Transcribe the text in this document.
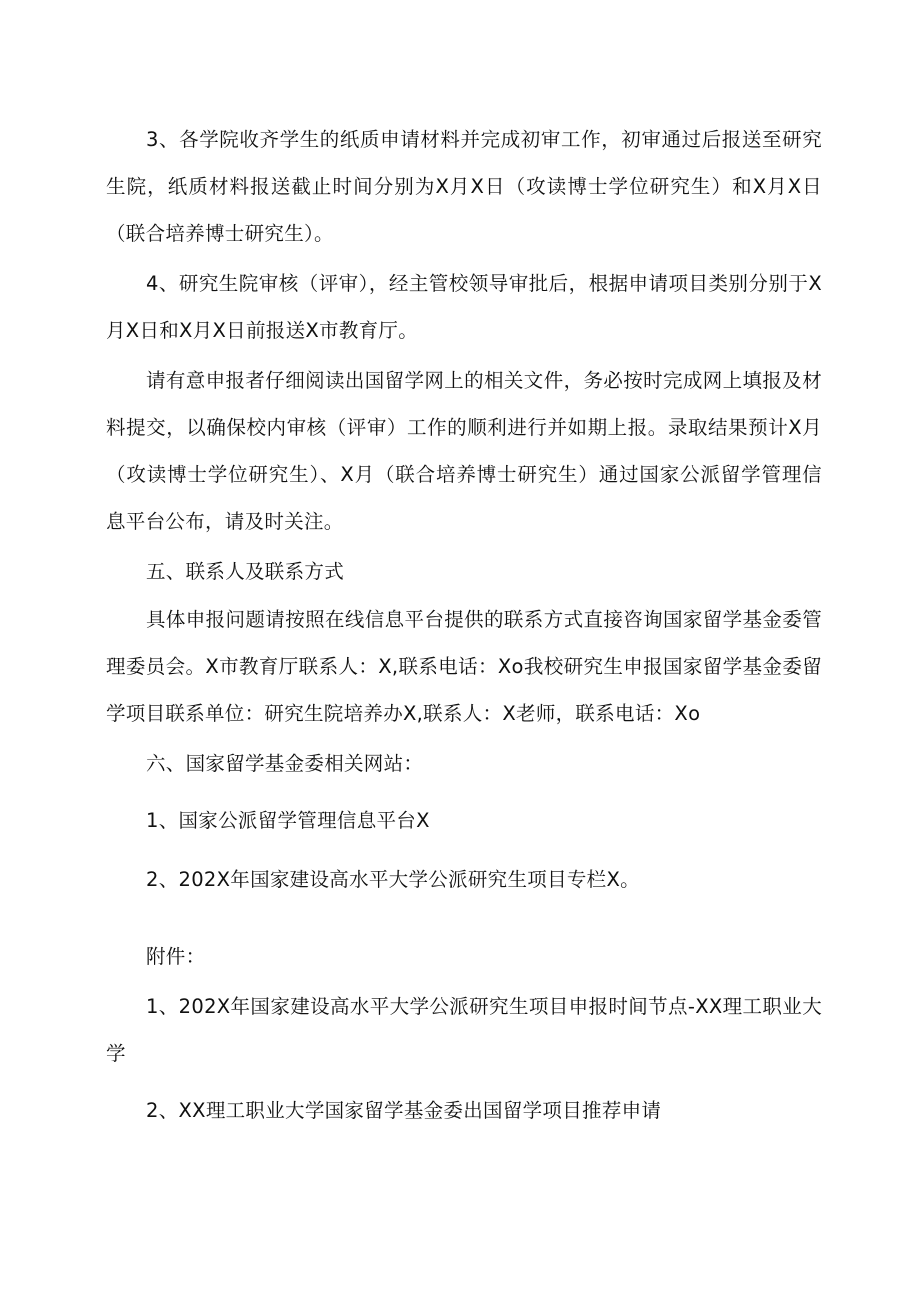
3、各学院收齐学生的纸质申请材料并完成初审工作，初审通过后报送至研究生院，纸质材料报送截止时间分别为X月X日（攻读博士学位研究生）和X月X日（联合培养博士研究生）。

4、研究生院审核（评审），经主管校领导审批后，根据申请项目类别分别于X月X日和X月X日前报送X市教育厅。

请有意申报者仔细阅读出国留学网上的相关文件，务必按时完成网上填报及材料提交，以确保校内审核（评审）工作的顺利进行并如期上报。录取结果预计X月（攻读博士学位研究生）、X月（联合培养博士研究生）通过国家公派留学管理信息平台公布，请及时关注。

五、联系人及联系方式

具体申报问题请按照在线信息平台提供的联系方式直接咨询国家留学基金委管理委员会。X市教育厅联系人：X,联系电话：Xo我校研究生申报国家留学基金委留学项目联系单位：研究生院培养办X,联系人：X老师，联系电话：Xo

六、国家留学基金委相关网站：

1、国家公派留学管理信息平台X

2、202X年国家建设高水平大学公派研究生项目专栏X。

附件：

1、202X年国家建设高水平大学公派研究生项目申报时间节点-XX理工职业大学

2、XX理工职业大学国家留学基金委出国留学项目推荐申请
